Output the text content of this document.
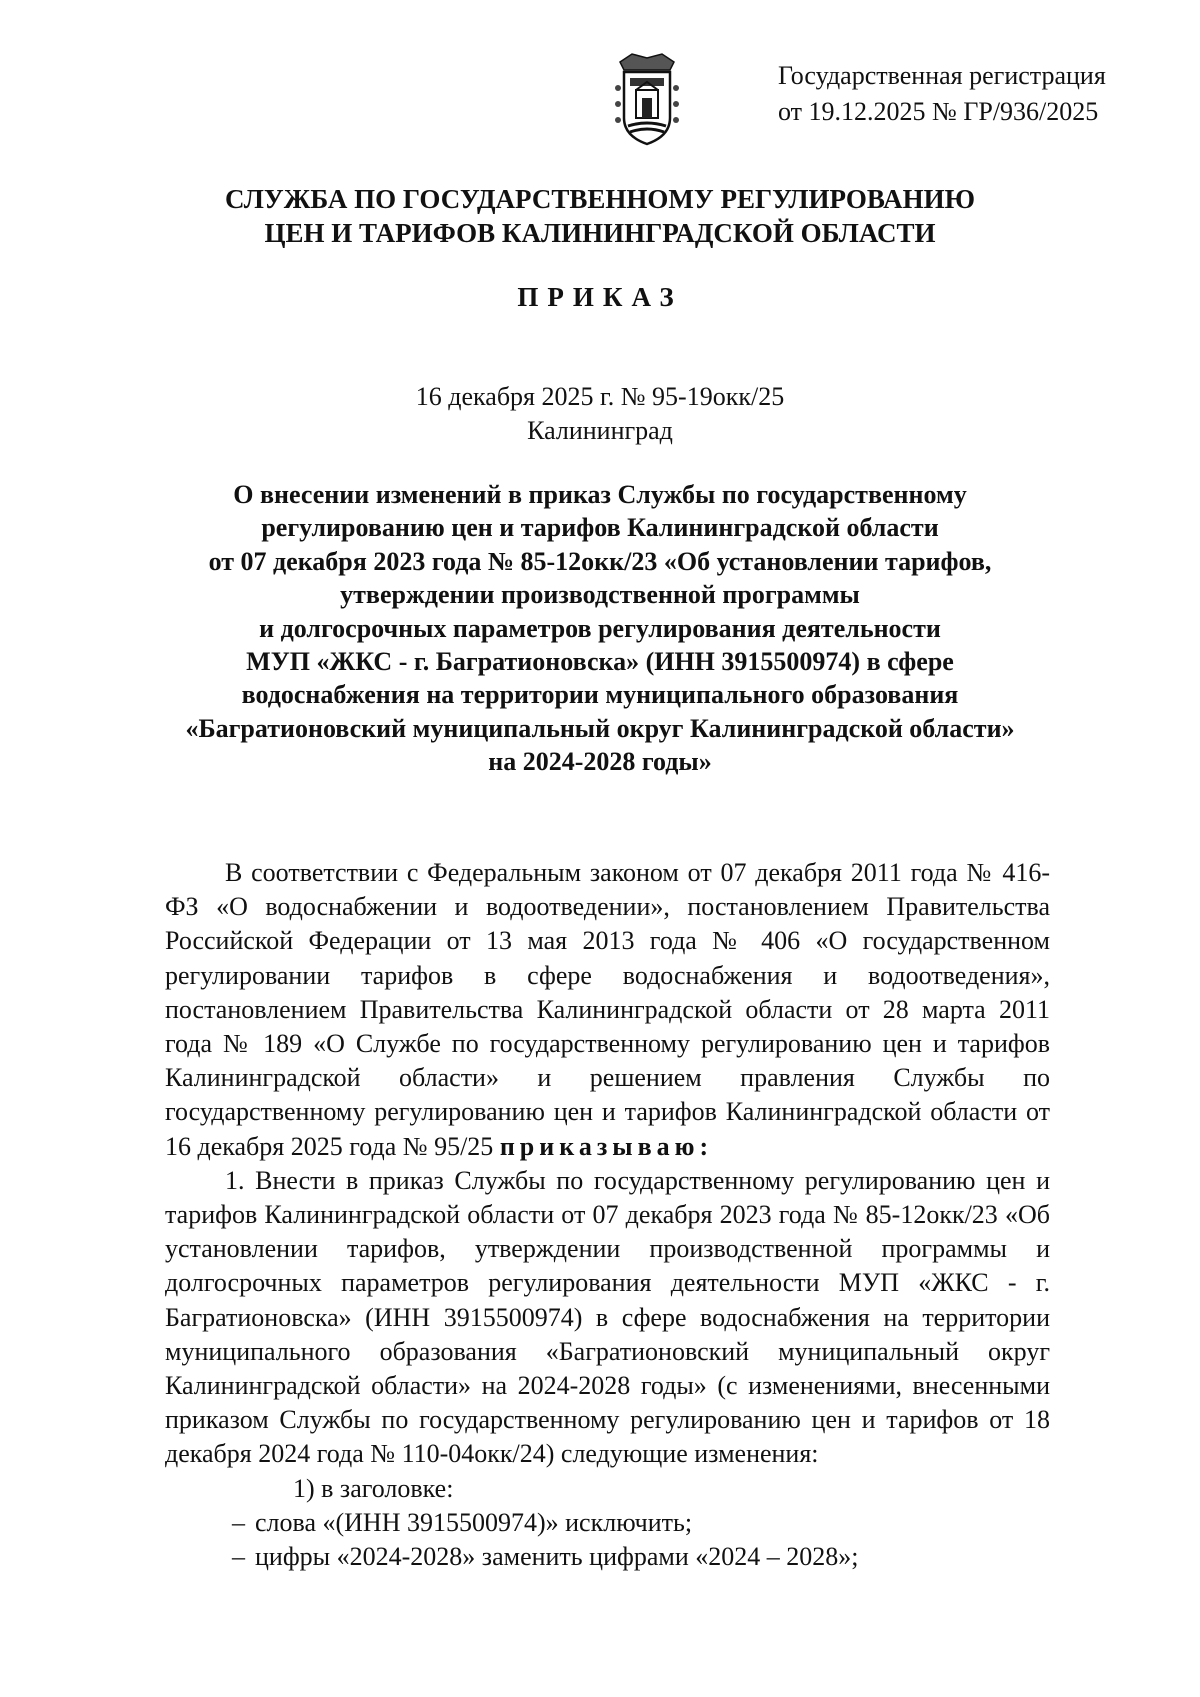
Государственная регистрация
от 19.12.2025 № ГР/936/2025
СЛУЖБА ПО ГОСУДАРСТВЕННОМУ РЕГУЛИРОВАНИЮ
ЦЕН И ТАРИФОВ КАЛИНИНГРАДСКОЙ ОБЛАСТИ
ПРИКАЗ
16 декабря 2025 г. № 95-19окк/25
Калининград
О внесении изменений в приказ Службы по государственному
регулированию цен и тарифов Калининградской области
от 07 декабря 2023 года № 85-12окк/23 «Об установлении тарифов,
утверждении производственной программы
и долгосрочных параметров регулирования деятельности
МУП «ЖКС - г. Багратионовска» (ИНН 3915500974) в сфере
водоснабжения на территории муниципального образования
«Багратионовский муниципальный округ Калининградской области»
на 2024-2028 годы»

В соответствии с Федеральным законом от 07 декабря 2011 года № 416-ФЗ «О водоснабжении и водоотведении», постановлением Правительства Российской Федерации от 13 мая 2013 года № 406 «О государственном регулировании тарифов в сфере водоснабжения и водоотведения», постановлением Правительства Калининградской области от 28 марта 2011 года № 189 «О Службе по государственному регулированию цен и тарифов Калининградской области» и решением правления Службы по государственному регулированию цен и тарифов Калининградской области от 16 декабря 2025 года № 95/25 приказываю:

1. Внести в приказ Службы по государственному регулированию цен и тарифов Калининградской области от 07 декабря 2023 года № 85-12окк/23 «Об установлении тарифов, утверждении производственной программы и долгосрочных параметров регулирования деятельности МУП «ЖКС - г. Багратионовска» (ИНН 3915500974) в сфере водоснабжения на территории муниципального образования «Багратионовский муниципальный округ Калининградской области» на 2024-2028 годы» (с изменениями, внесенными приказом Службы по государственному регулированию цен и тарифов от 18 декабря 2024 года № 110-04окк/24) следующие изменения:

1) в заголовке:

– слова «(ИНН 3915500974)» исключить;
– цифры «2024-2028» заменить цифрами «2024 – 2028»;
